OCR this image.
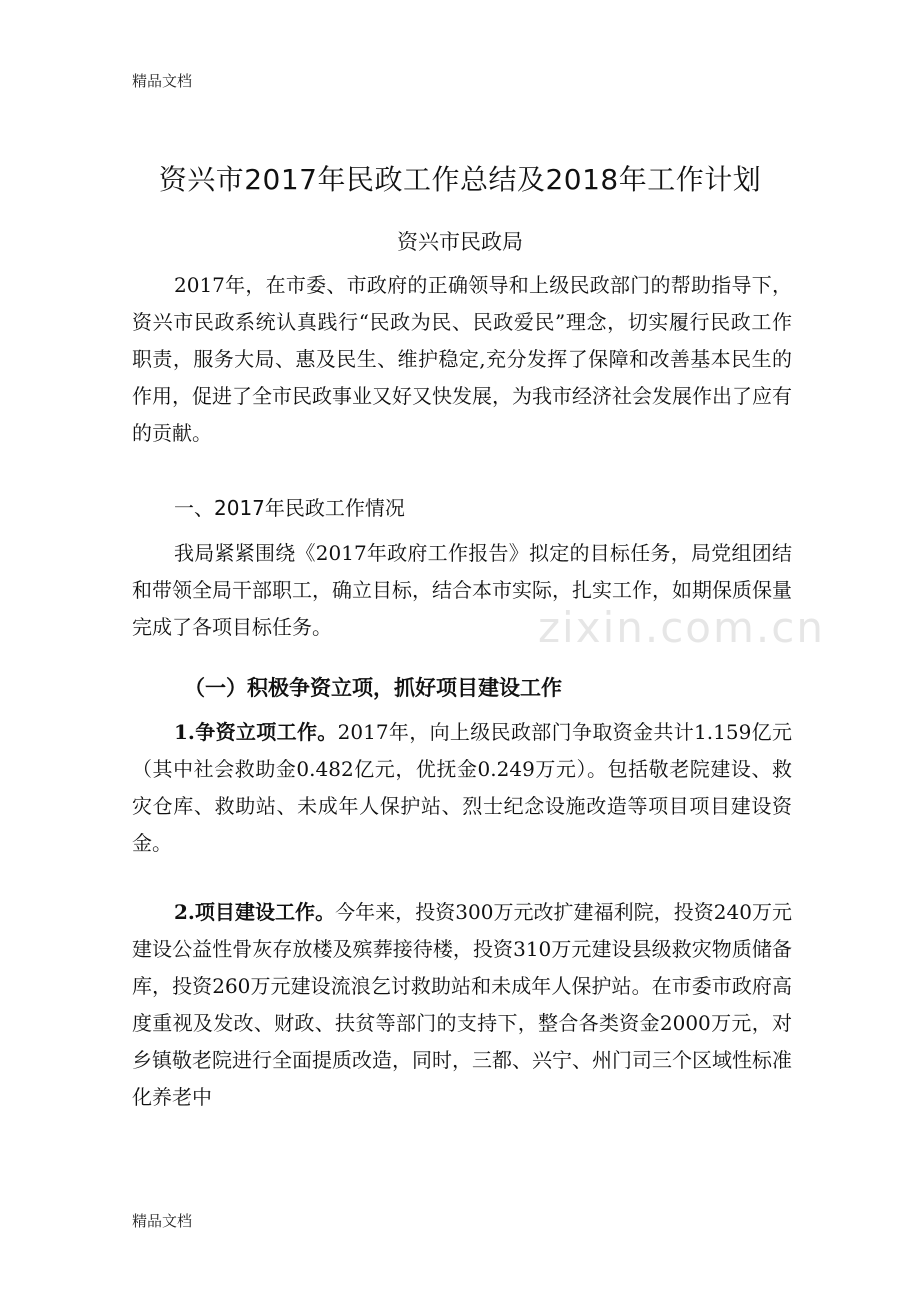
精品文档
资兴市2017年民政工作总结及2018年工作计划
资兴市民政局
2017年，在市委、市政府的正确领导和上级民政部门的帮助指导下，资兴市民政系统认真践行“民政为民、民政爱民”理念，切实履行民政工作职责，服务大局、惠及民生、维护稳定,充分发挥了保障和改善基本民生的作用，促进了全市民政事业又好又快发展，为我市经济社会发展作出了应有的贡献。
一、2017年民政工作情况
我局紧紧围绕《2017年政府工作报告》拟定的目标任务，局党组团结和带领全局干部职工，确立目标，结合本市实际，扎实工作，如期保质保量完成了各项目标任务。
（一）积极争资立项，抓好项目建设工作
1.争资立项工作。2017年，向上级民政部门争取资金共计1.159亿元（其中社会救助金0.482亿元，优抚金0.249万元）。包括敬老院建设、救灾仓库、救助站、未成年人保护站、烈士纪念设施改造等项目项目建设资金。
2.项目建设工作。今年来，投资300万元改扩建福利院，投资240万元建设公益性骨灰存放楼及殡葬接待楼，投资310万元建设县级救灾物质储备库，投资260万元建设流浪乞讨救助站和未成年人保护站。在市委市政府高度重视及发改、财政、扶贫等部门的支持下，整合各类资金2000万元，对乡镇敬老院进行全面提质改造，同时，三都、兴宁、州门司三个区域性标准化养老中
zixin.com.cn
精品文档
